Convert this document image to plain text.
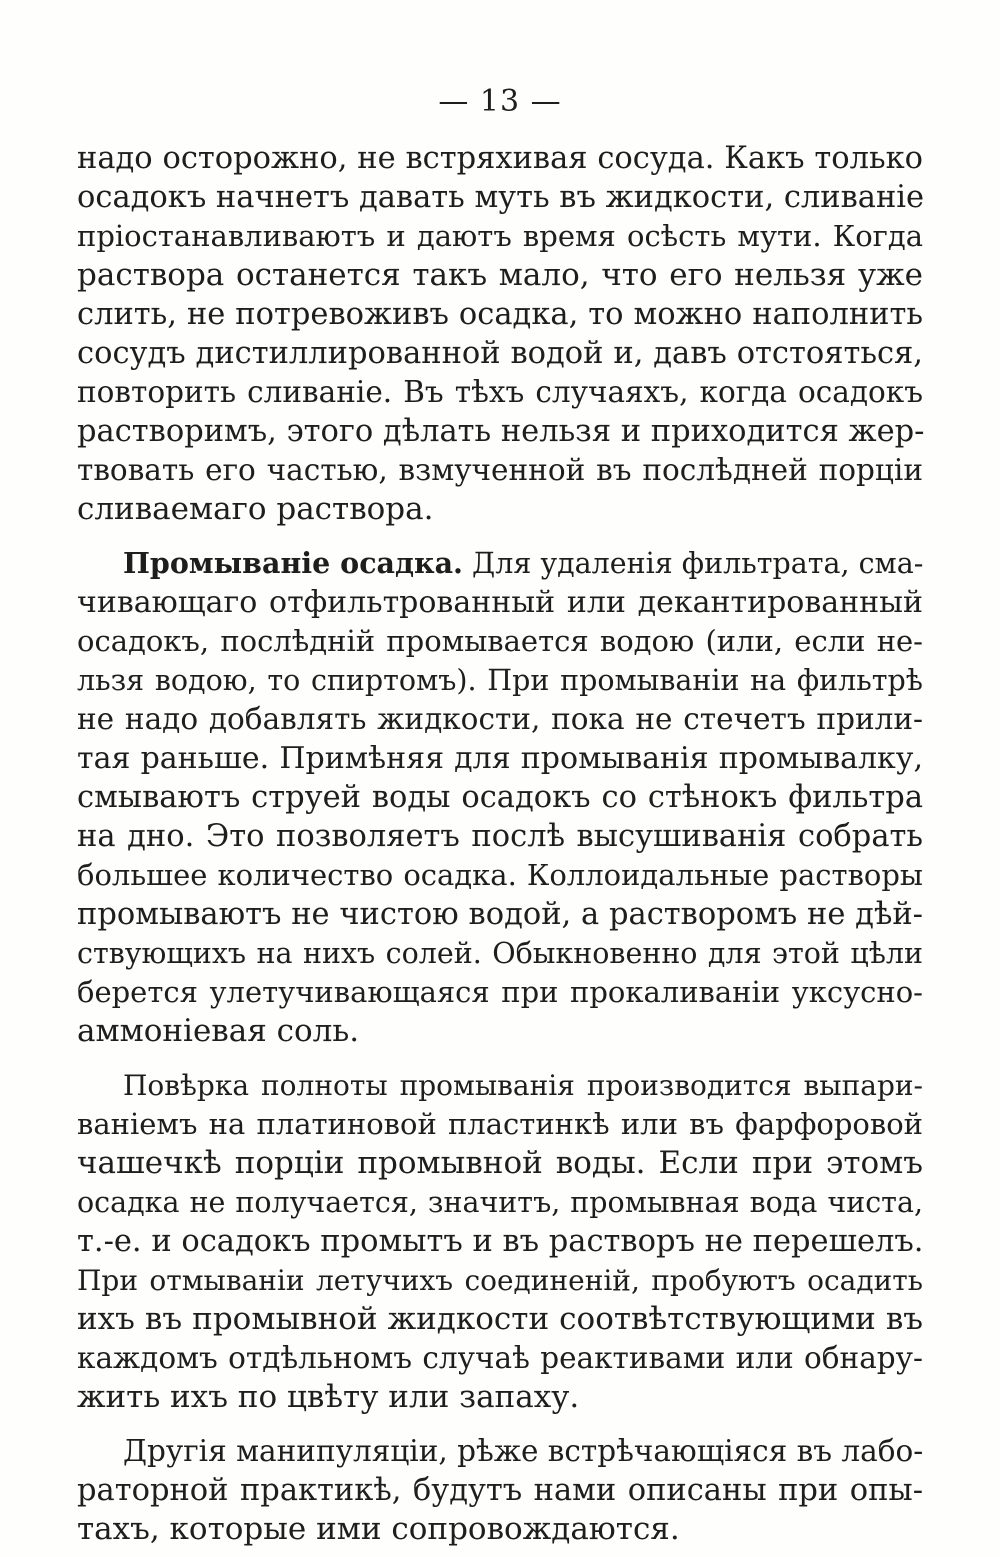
— 13 —
надо осторожно, не встряхивая сосуда. Какъ только
осадокъ начнетъ давать муть въ жидкости, сливаніе
пріостанавливаютъ и даютъ время осѣсть мути. Когда
раствора останется такъ мало, что его нельзя уже
слить, не потревоживъ осадка, то можно наполнить
сосудъ дистиллированной водой и, давъ отстояться,
повторить сливаніе. Въ тѣхъ случаяхъ, когда осадокъ
растворимъ, этого дѣлать нельзя и приходится жер-
твовать его частью, взмученной въ послѣдней порціи
сливаемаго раствора.
Промываніе осадка. Для удаленія фильтрата, сма-
чивающаго отфильтрованный или декантированный
осадокъ, послѣдній промывается водою (или, если не-
льзя водою, то спиртомъ). При промываніи на фильтрѣ
не надо добавлять жидкости, пока не стечетъ прили-
тая раньше. Примѣняя для промыванія промывалку,
смываютъ струей воды осадокъ со стѣнокъ фильтра
на дно. Это позволяетъ послѣ высушиванія собрать
большее количество осадка. Коллоидальные растворы
промываютъ не чистою водой, а растворомъ не дѣй-
ствующихъ на нихъ солей. Обыкновенно для этой цѣли
берется улетучивающаяся при прокаливаніи уксусно-
аммоніевая соль.
Повѣрка полноты промыванія производится выпари-
ваніемъ на платиновой пластинкѣ или въ фарфоровой
чашечкѣ порціи промывной воды. Если при этомъ
осадка не получается, значитъ, промывная вода чиста,
т.-е. и осадокъ промытъ и въ растворъ не перешелъ.
При отмываніи летучихъ соединеній, пробуютъ осадить
ихъ въ промывной жидкости соотвѣтствующими въ
каждомъ отдѣльномъ случаѣ реактивами или обнару-
жить ихъ по цвѣту или запаху.
Другія манипуляціи, рѣже встрѣчающіяся въ лабо-
раторной практикѣ, будутъ нами описаны при опы-
тахъ, которые ими сопровождаются.
